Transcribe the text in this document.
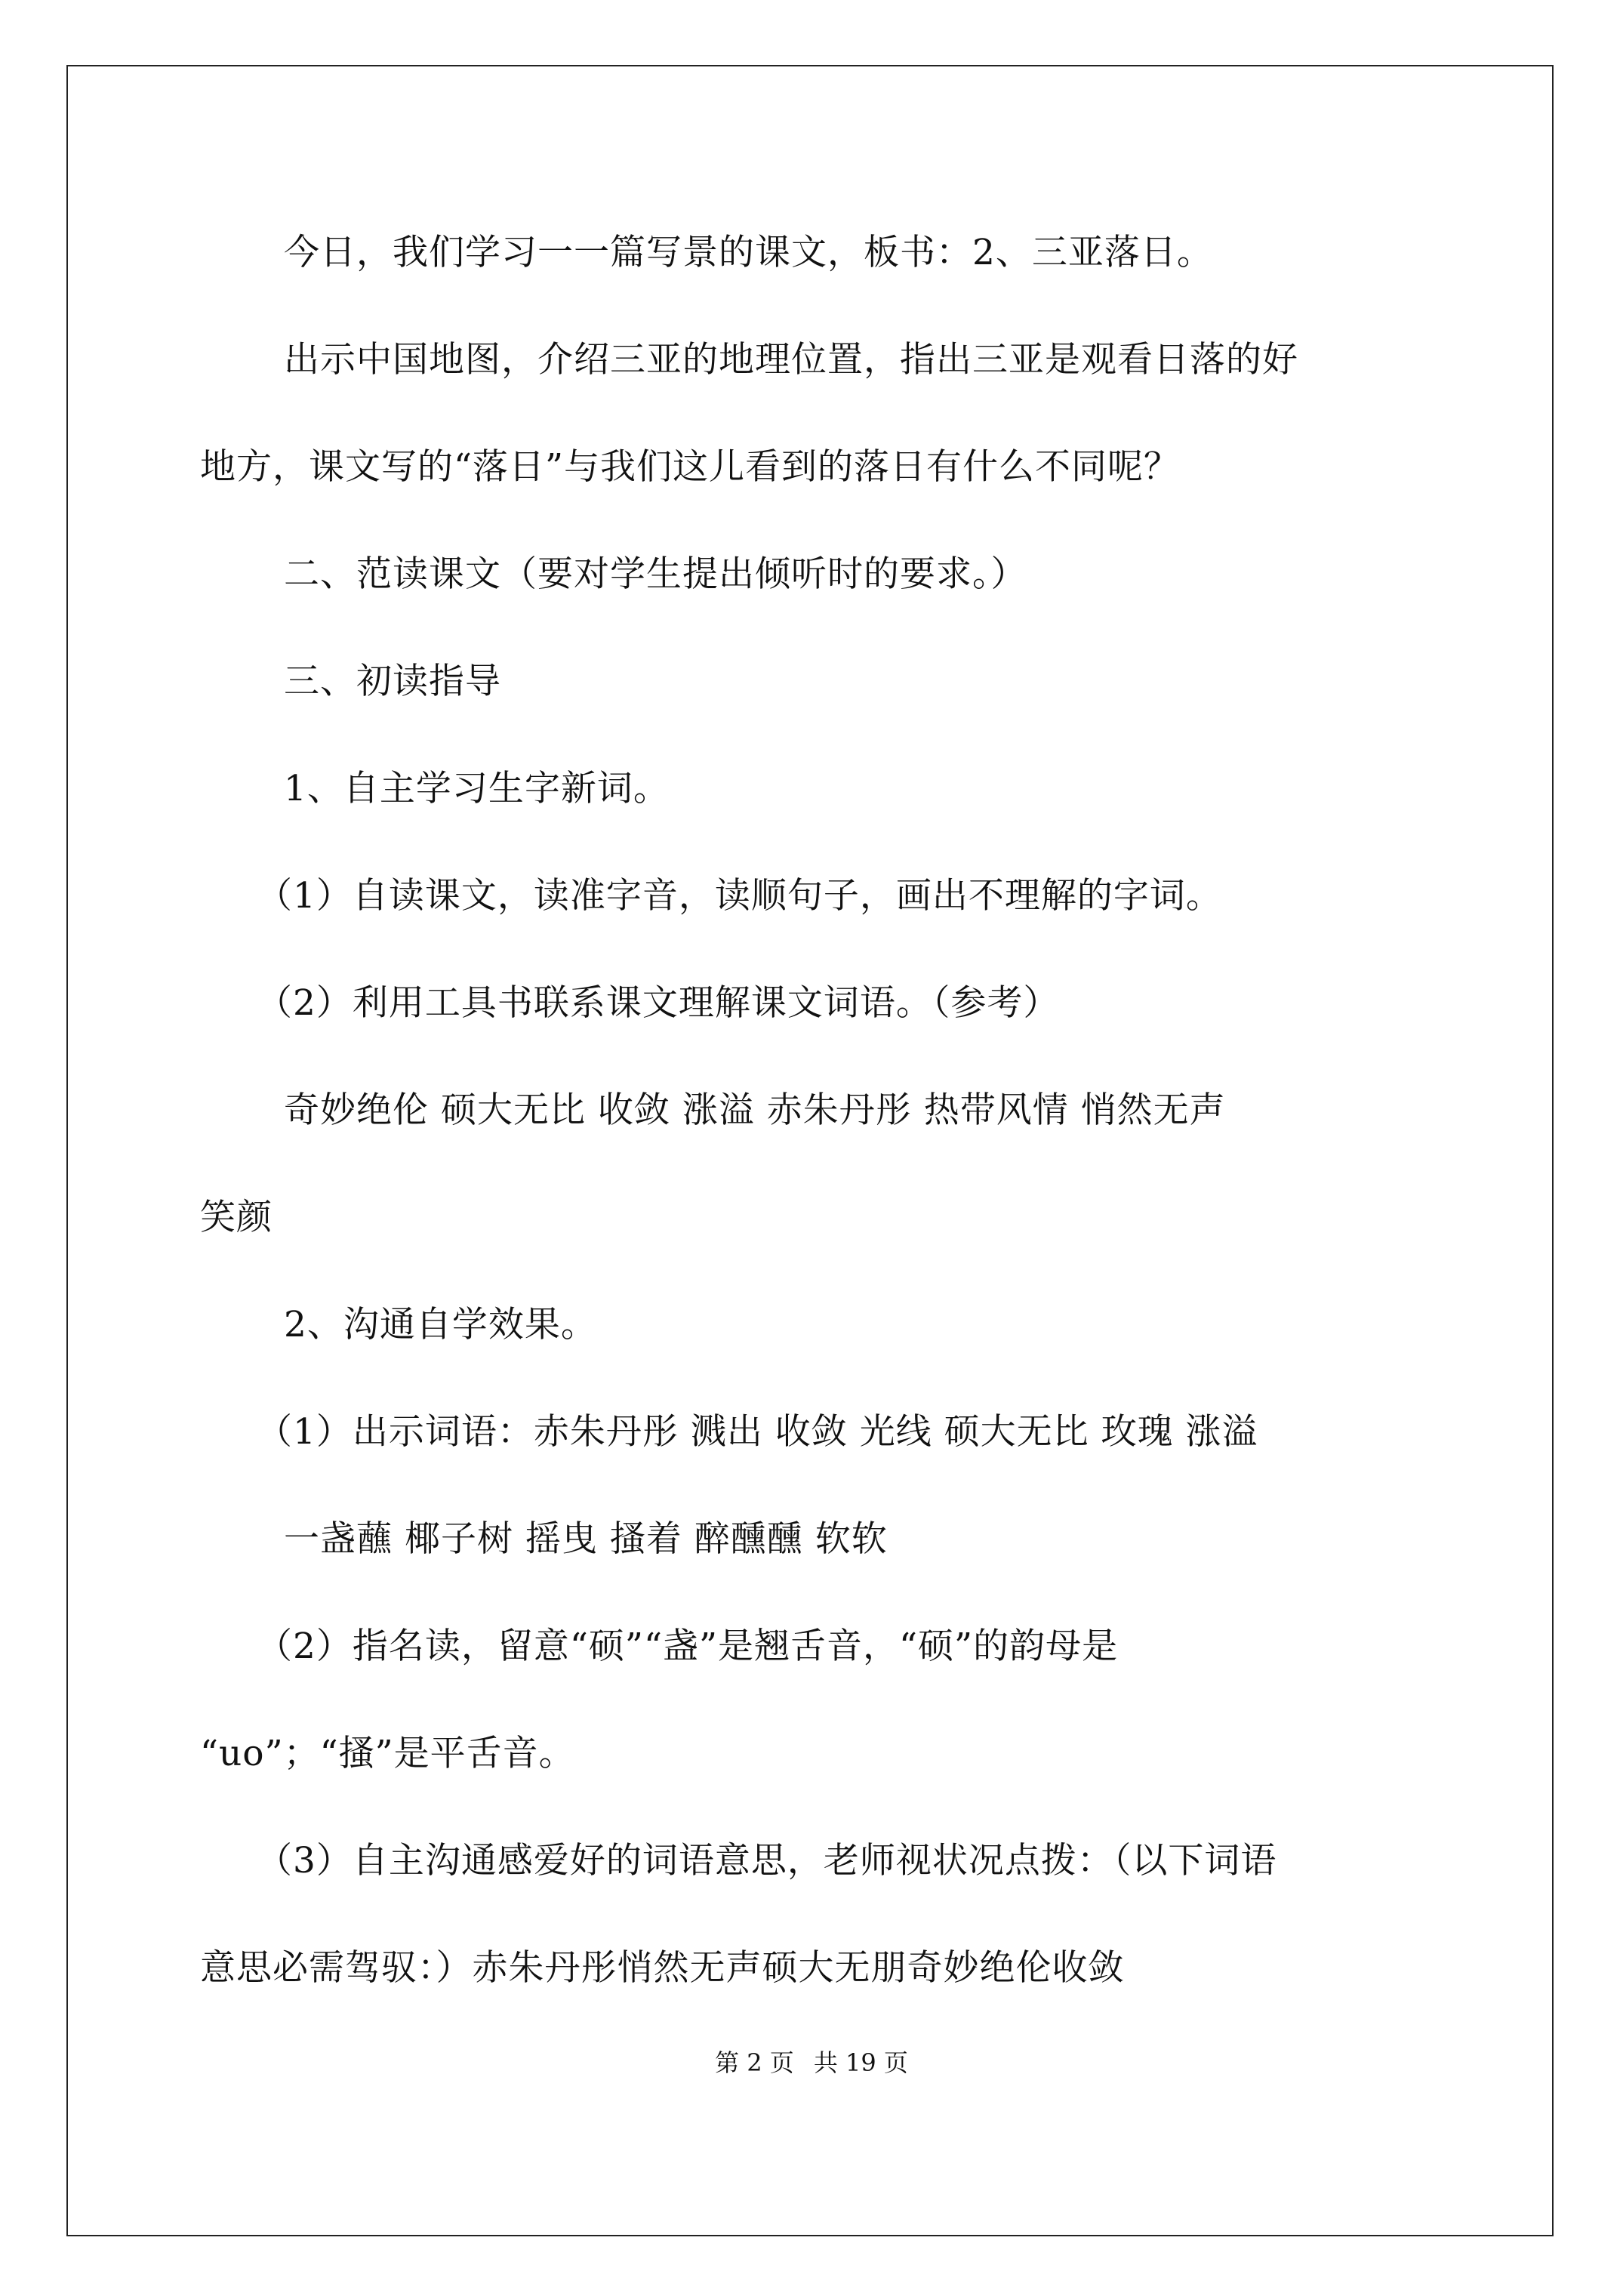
今日，我们学习一一篇写景的课文，板书：2、三亚落日。
出示中国地图，介绍三亚的地理位置，指出三亚是观看日落的好
地方，课文写的“落日”与我们这儿看到的落日有什么不同呢？
二、范读课文（要对学生提出倾听时的要求。）
三、初读指导
1、自主学习生字新词。
（1）自读课文，读准字音，读顺句子，画出不理解的字词。
（2）利用工具书联系课文理解课文词语。（参考）
奇妙绝伦 硕大无比 收敛 涨溢 赤朱丹彤 热带风情 悄然无声
笑颜
2、沟通自学效果。
（1）出示词语：赤朱丹彤 溅出 收敛 光线 硕大无比 玫瑰 涨溢
一盏蘸 椰子树 摇曳 搔着 醉醺醺 软软
（2）指名读，留意“硕”“盏”是翘舌音，“硕”的韵母是
“uo”；“搔”是平舌音。
（3）自主沟通感爱好的词语意思，老师视状况点拨：（以下词语
意思必需驾驭：）赤朱丹彤悄然无声硕大无朋奇妙绝伦收敛
第 2 页 共 19 页
